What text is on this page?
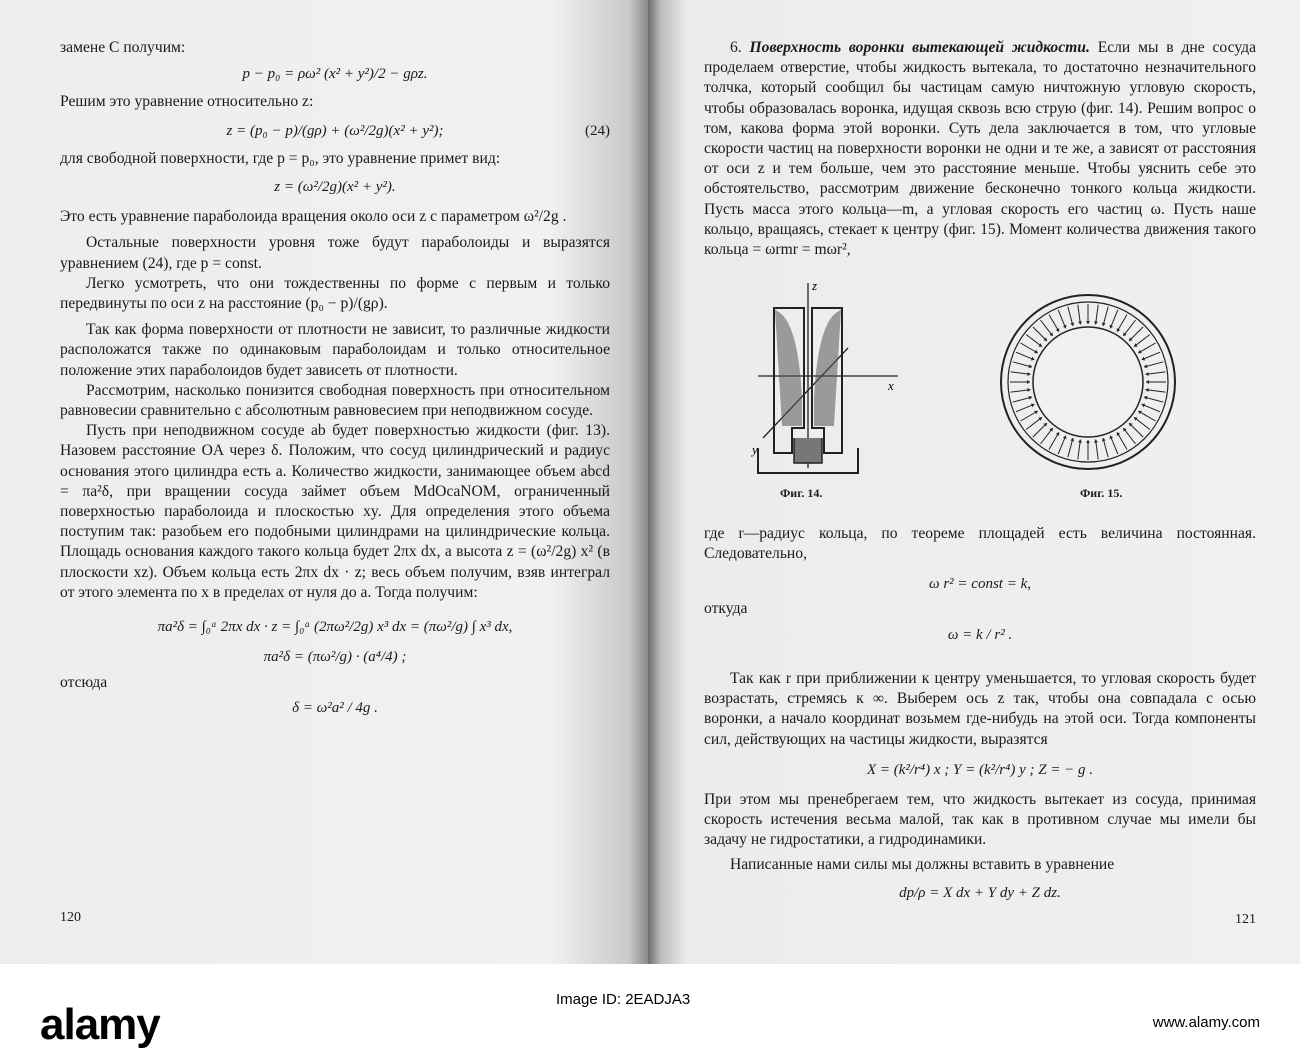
замене C получим:

p − p₀ = ρω² (x² + y²)/2 − gρz.

Решим это уравнение относительно z:

z = (p₀ − p)/(gρ) + (ω²/2g)(x² + y²);	(24)

для свободной поверхности, где p = p₀, это уравнение примет вид:

z = (ω²/2g)(x² + y²).

Это есть уравнение параболоида вращения около оси z с параметром ω²/2g .

Остальные поверхности уровня тоже будут параболоиды и выразятся уравнением (24), где p = const.

Легко усмотреть, что они тождественны по форме с первым и только передвинуты по оси z на расстояние (p₀ − p)/(gρ).

Так как форма поверхности от плотности не зависит, то различные жидкости расположатся также по одинаковым параболоидам и только относительное положение этих параболоидов будет зависеть от плотности.

Рассмотрим, насколько понизится свободная поверхность при относительном равновесии сравнительно с абсолютным равновесием при неподвижном сосуде.

Пусть при неподвижном сосуде ab будет поверхностью жидкости (фиг. 13). Назовем расстояние OA через δ. Положим, что сосуд цилиндрический и радиус основания этого цилиндра есть a. Количество жидкости, занимающее объем abcd = πa²δ, при вращении сосуда займет объем MdOcaNOM, ограниченный поверхностью параболоида и плоскостью xy. Для определения этого объема поступим так: разобьем его подобными цилиндрами на цилиндрические кольца. Площадь основания каждого такого кольца будет 2πx dx, а высота z = (ω²/2g) x² (в плоскости xz). Объем кольца есть 2πx dx · z; весь объем получим, взяв интеграл от этого элемента по x в пределах от нуля до a. Тогда получим:

πa²δ = ∫₀ᵃ 2πx dx · z = ∫₀ᵃ (2πω²/2g) x³ dx = (πω²/g) ∫ x³ dx,

πa²δ = (πω²/g) · (a⁴/4) ;

отсюда

δ = ω²a² / 4g .

120

6. Поверхность воронки вытекающей жидкости. Если мы в дне сосуда проделаем отверстие, чтобы жидкость вытекала, то достаточно незначительного толчка, который сообщил бы частицам самую ничтожную угловую скорость, чтобы образовалась воронка, идущая сквозь всю струю (фиг. 14). Решим вопрос о том, какова форма этой воронки. Суть дела заключается в том, что угловые скорости частиц на поверхности воронки не одни и те же, а зависят от расстояния от оси z и тем больше, чем это расстояние меньше. Чтобы уяснить себе это обстоятельство, рассмотрим движение бесконечно тонкого кольца жидкости. Пусть масса этого кольца—m, а угловая скорость его частиц ω. Пусть наше кольцо, вращаясь, стекает к центру (фиг. 15). Момент количества движения такого кольца = ωrmr = mωr²,

z
x
y
Фиг. 14.	Фиг. 15.

где r—радиус кольца, по теореме площадей есть величина постоянная. Следовательно,

ω r² = const = k,

откуда

ω = k / r² .

Так как r при приближении к центру уменьшается, то угловая скорость будет возрастать, стремясь к ∞. Выберем ось z так, чтобы она совпадала с осью воронки, а начало координат возьмем где-нибудь на этой оси. Тогда компоненты сил, действующих на частицы жидкости, выразятся

X = (k²/r⁴) x ; Y = (k²/r⁴) y ; Z = − g .

При этом мы пренебрегаем тем, что жидкость вытекает из сосуда, принимая скорость истечения весьма малой, так как в противном случае мы имели бы задачу не гидростатики, а гидродинамики.

Написанные нами силы мы должны вставить в уравнение

dp/ρ = X dx + Y dy + Z dz.

121
alamy
Image ID: 2EADJA3
www.alamy.com
